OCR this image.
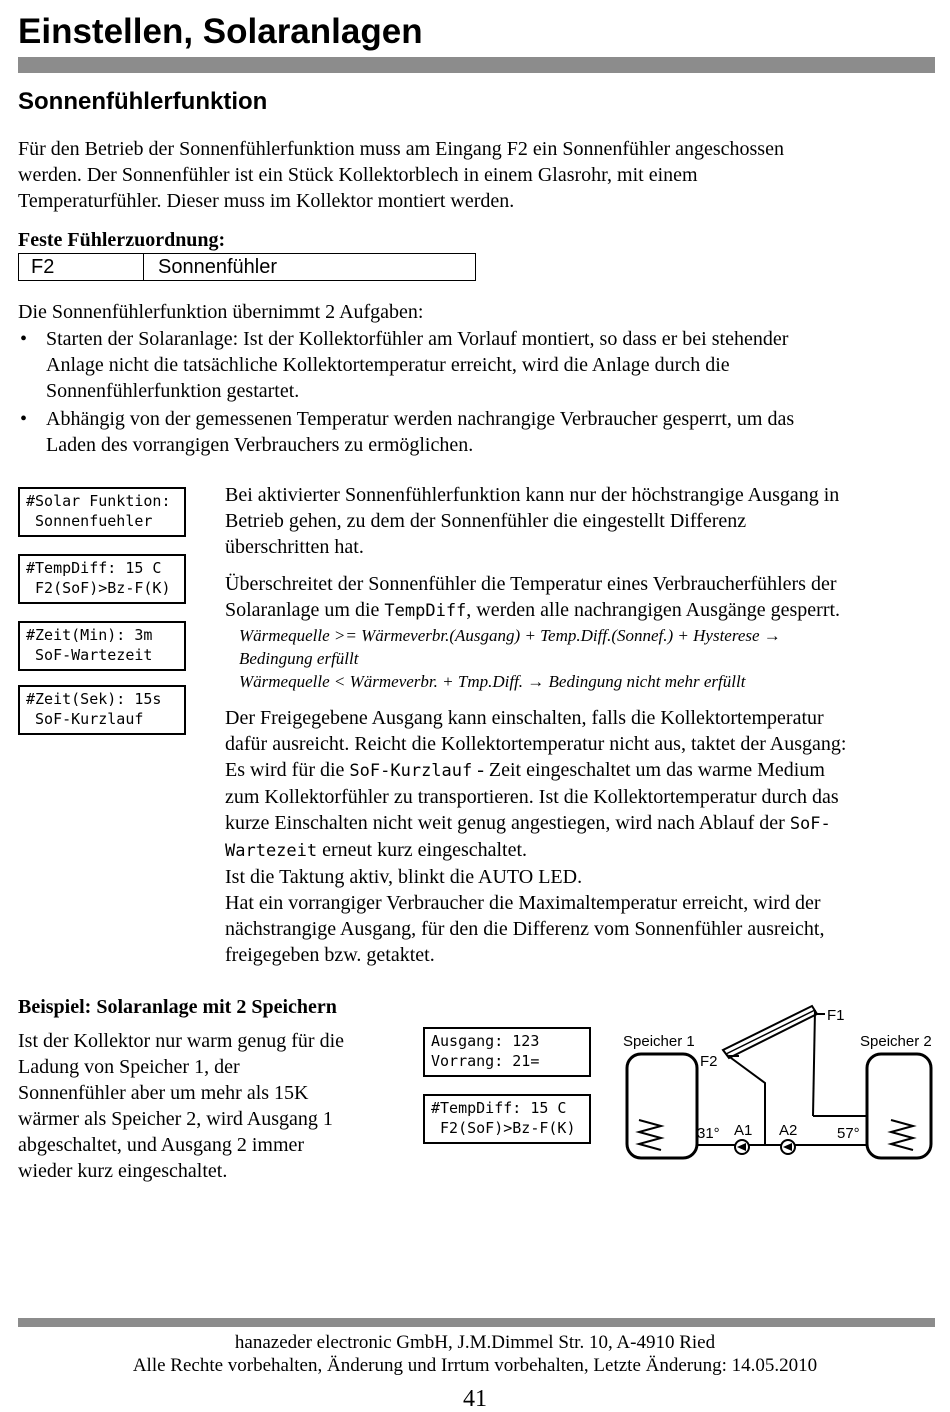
Einstellen, Solaranlagen
Sonnenfühlerfunktion

Für den Betrieb der Sonnenfühlerfunktion muss am Eingang F2 ein Sonnenfühler angeschossen

werden. Der Sonnenfühler ist ein Stück Kollektorblech in einem Glasrohr, mit einem

Temperaturfühler. Dieser muss im Kollektor montiert werden.

Feste Fühlerzuordnung:
F2	Sonnenfühler

Die Sonnenfühlerfunktion übernimmt 2 Aufgaben:

• Starten der Solaranlage: Ist der Kollektorfühler am Vorlauf montiert, so dass er bei stehender
Anlage nicht die tatsächliche Kollektortemperatur erreicht, wird die Anlage durch die
Sonnenfühlerfunktion gestartet.
• Abhängig von der gemessenen Temperatur werden nachrangige Verbraucher gesperrt, um das
Laden des vorrangigen Verbrauchers zu ermöglichen.
#Solar Funktion:
Sonnenfuehler
#TempDiff: 15 C
F2(SoF)>Bz-F(K)
#Zeit(Min): 3m
SoF-Wartezeit
#Zeit(Sek): 15s
SoF-Kurzlauf

Bei aktivierter Sonnenfühlerfunktion kann nur der höchstrangige Ausgang in

Betrieb gehen, zu dem der Sonnenfühler die eingestellt Differenz

überschritten hat.

Überschreitet der Sonnenfühler die Temperatur eines Verbraucherfühlers der

Solaranlage um die TempDiff, werden alle nachrangigen Ausgänge gesperrt.

Wärmequelle >= Wärmeverbr.(Ausgang) + Temp.Diff.(Sonnef.) + Hysterese →

Bedingung erfüllt

Wärmequelle < Wärmeverbr. + Tmp.Diff. → Bedingung nicht mehr erfüllt

Der Freigegebene Ausgang kann einschalten, falls die Kollektortemperatur

dafür ausreicht. Reicht die Kollektortemperatur nicht aus, taktet der Ausgang:

Es wird für die SoF-Kurzlauf - Zeit eingeschaltet um das warme Medium

zum Kollektorfühler zu transportieren. Ist die Kollektortemperatur durch das

kurze Einschalten nicht weit genug angestiegen, wird nach Ablauf der SoF-

Wartezeit erneut kurz eingeschaltet.

Ist die Taktung aktiv, blinkt die AUTO LED.

Hat ein vorrangiger Verbraucher die Maximaltemperatur erreicht, wird der

nächstrangige Ausgang, für den die Differenz vom Sonnenfühler ausreicht,

freigegeben bzw. getaktet.

Beispiel: Solaranlage mit 2 Speichern

Ist der Kollektor nur warm genug für die

Ladung von Speicher 1, der

Sonnenfühler aber um mehr als 15K

wärmer als Speicher 2, wird Ausgang 1

abgeschaltet, und Ausgang 2 immer

wieder kurz eingeschaltet.

Ausgang: 123
Vorrang: 21=
#TempDiff: 15 C
F2(SoF)>Bz-F(K)
Speicher 1	Speicher 2
F1
F2
31°	57°
A1 A2

hanazeder electronic GmbH, J.M.Dimmel Str. 10, A-4910 Ried

Alle Rechte vorbehalten, Änderung und Irrtum vorbehalten, Letzte Änderung: 14.05.2010

41
